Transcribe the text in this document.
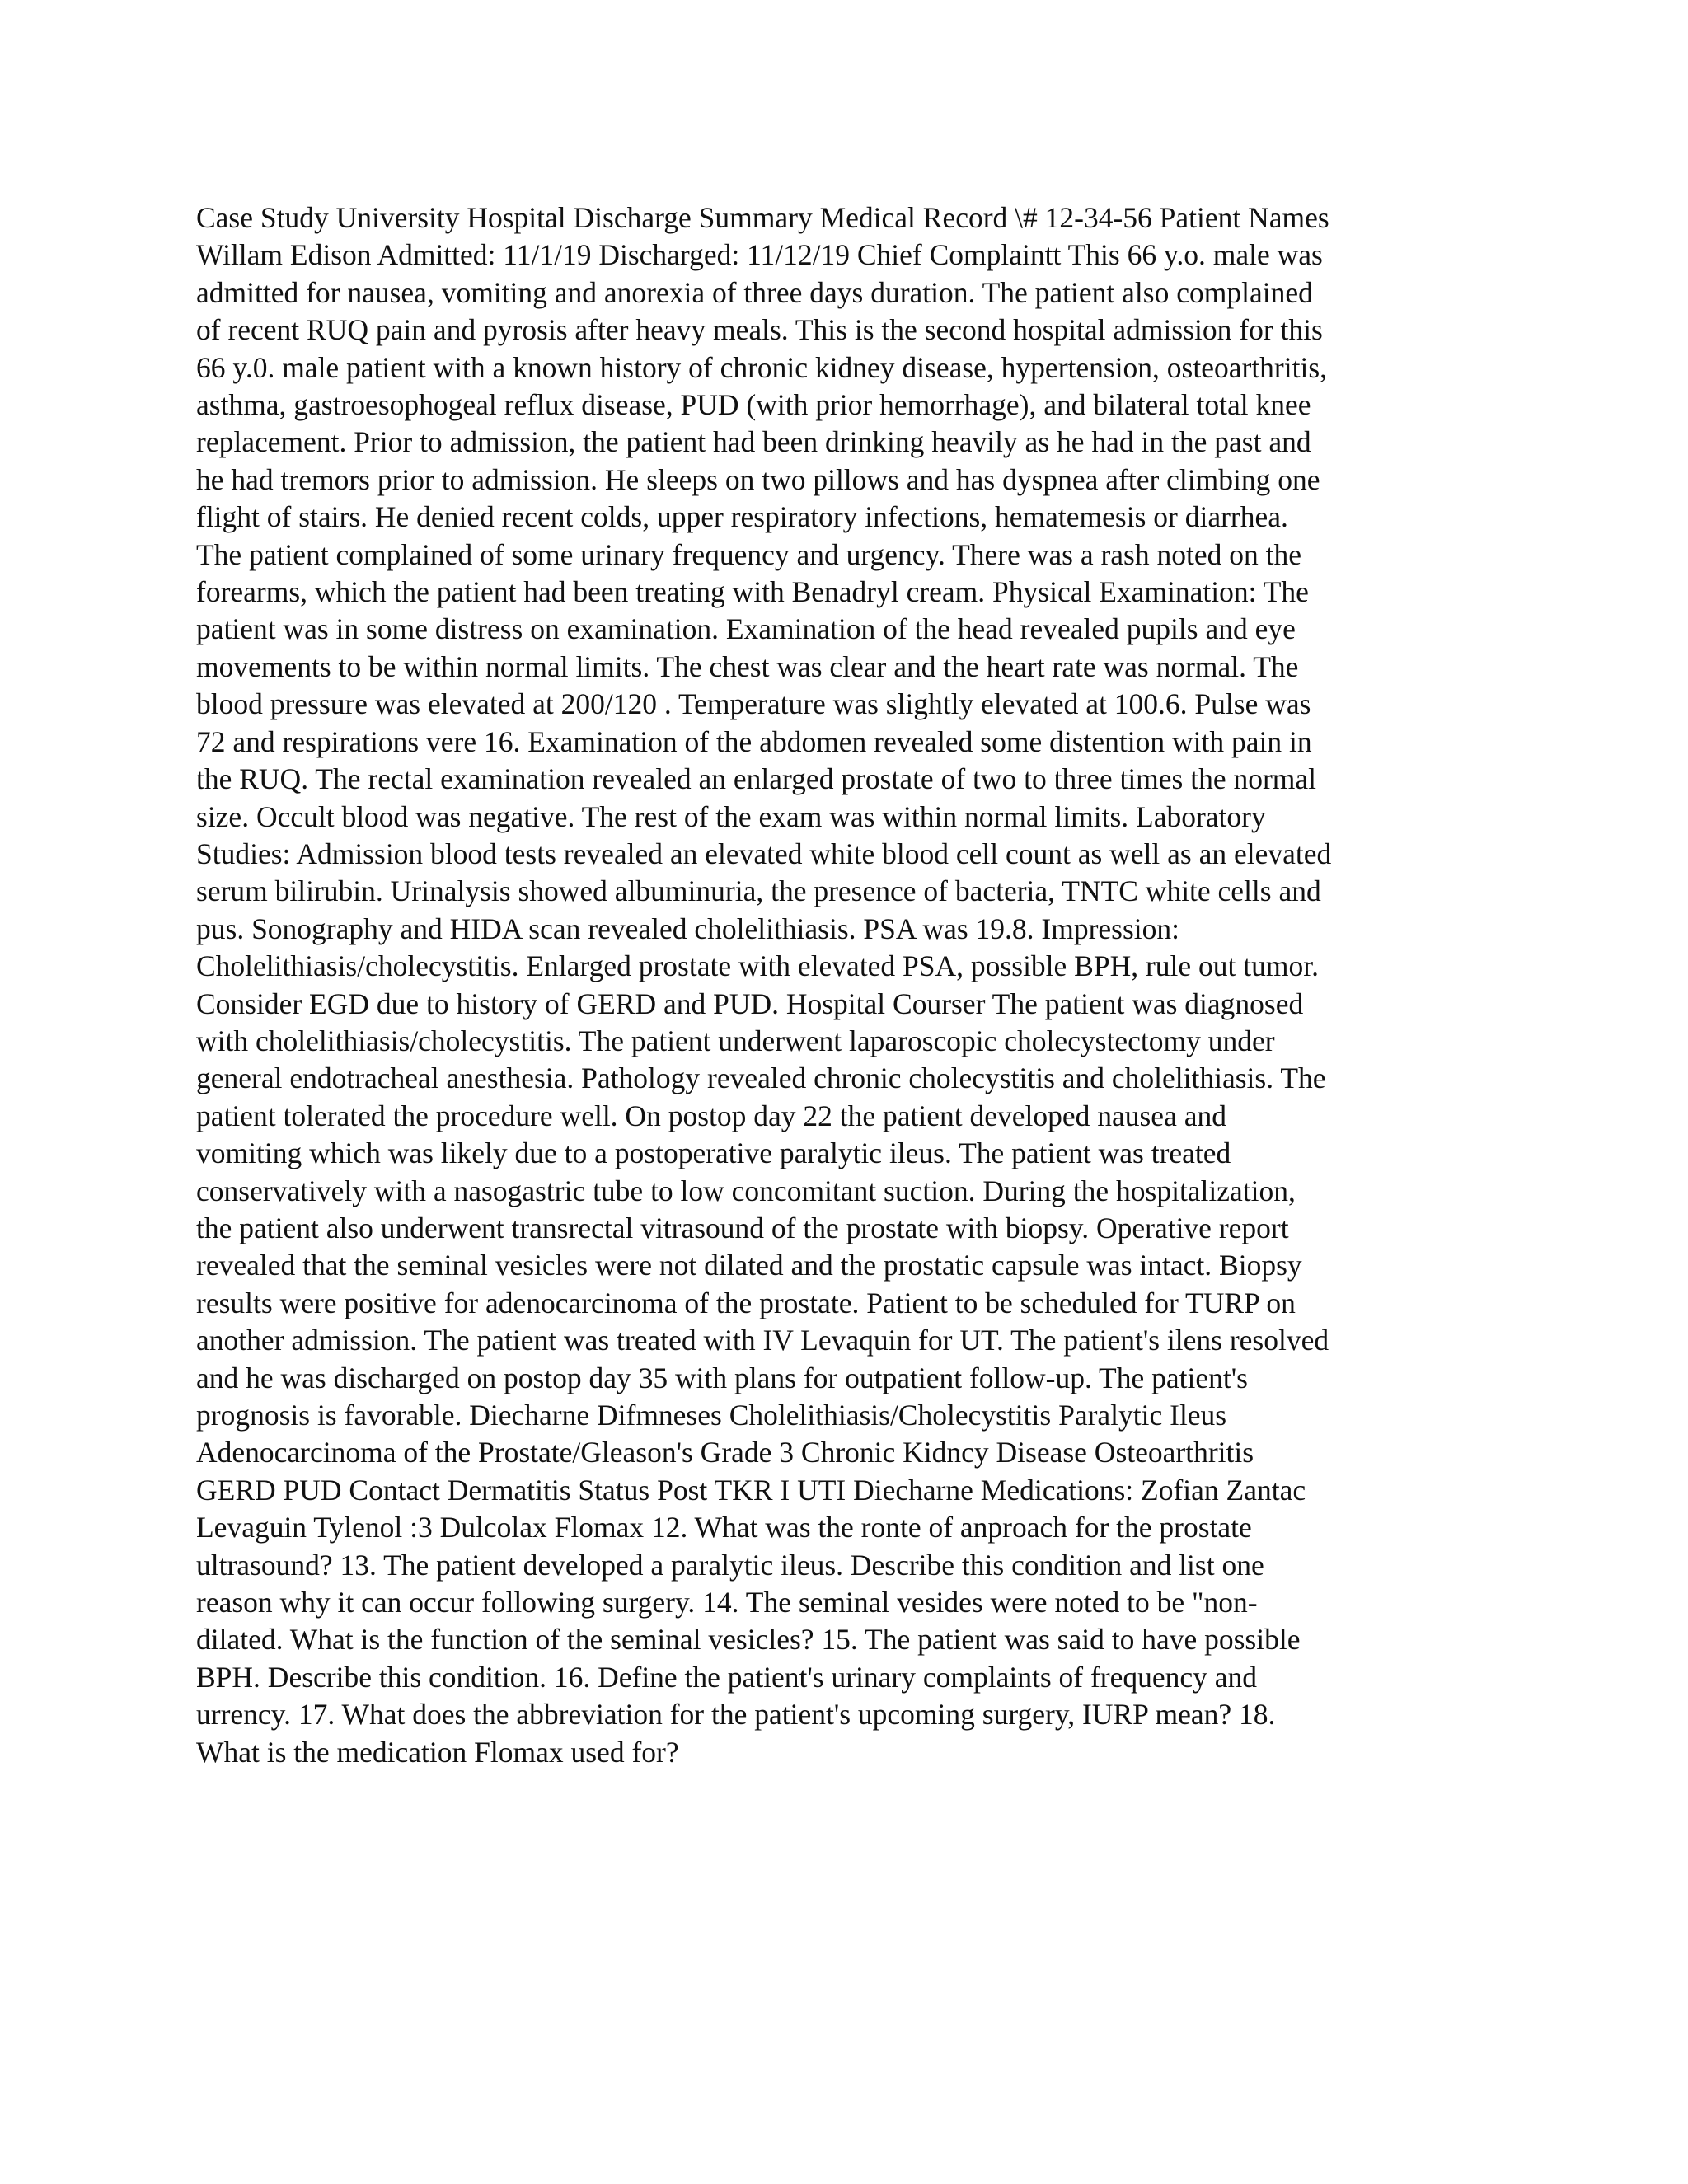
Case Study University Hospital Discharge Summary Medical Record \# 12-34-56 Patient Names
Willam Edison Admitted: 11/1/19 Discharged: 11/12/19 Chief Complaintt This 66 y.o. male was
admitted for nausea, vomiting and anorexia of three days duration. The patient also complained
of recent RUQ pain and pyrosis after heavy meals. This is the second hospital admission for this
66 y.0. male patient with a known history of chronic kidney disease, hypertension, osteoarthritis,
asthma, gastroesophogeal reflux disease, PUD (with prior hemorrhage), and bilateral total knee
replacement. Prior to admission, the patient had been drinking heavily as he had in the past and
he had tremors prior to admission. He sleeps on two pillows and has dyspnea after climbing one
flight of stairs. He denied recent colds, upper respiratory infections, hematemesis or diarrhea.
The patient complained of some urinary frequency and urgency. There was a rash noted on the
forearms, which the patient had been treating with Benadryl cream. Physical Examination: The
patient was in some distress on examination. Examination of the head revealed pupils and eye
movements to be within normal limits. The chest was clear and the heart rate was normal. The
blood pressure was elevated at 200/120 . Temperature was slightly elevated at 100.6. Pulse was
72 and respirations vere 16. Examination of the abdomen revealed some distention with pain in
the RUQ. The rectal examination revealed an enlarged prostate of two to three times the normal
size. Occult blood was negative. The rest of the exam was within normal limits. Laboratory
Studies: Admission blood tests revealed an elevated white blood cell count as well as an elevated
serum bilirubin. Urinalysis showed albuminuria, the presence of bacteria, TNTC white cells and
pus. Sonography and HIDA scan revealed cholelithiasis. PSA was 19.8. Impression:
Cholelithiasis/cholecystitis. Enlarged prostate with elevated PSA, possible BPH, rule out tumor.
Consider EGD due to history of GERD and PUD. Hospital Courser The patient was diagnosed
with cholelithiasis/cholecystitis. The patient underwent laparoscopic cholecystectomy under
general endotracheal anesthesia. Pathology revealed chronic cholecystitis and cholelithiasis. The
patient tolerated the procedure well. On postop day 22 the patient developed nausea and
vomiting which was likely due to a postoperative paralytic ileus. The patient was treated
conservatively with a nasogastric tube to low concomitant suction. During the hospitalization,
the patient also underwent transrectal vitrasound of the prostate with biopsy. Operative report
revealed that the seminal vesicles were not dilated and the prostatic capsule was intact. Biopsy
results were positive for adenocarcinoma of the prostate. Patient to be scheduled for TURP on
another admission. The patient was treated with IV Levaquin for UT. The patient's ilens resolved
and he was discharged on postop day 35 with plans for outpatient follow-up. The patient's
prognosis is favorable. Diecharne Difmneses Cholelithiasis/Cholecystitis Paralytic Ileus
Adenocarcinoma of the Prostate/Gleason's Grade 3 Chronic Kidncy Disease Osteoarthritis
GERD PUD Contact Dermatitis Status Post TKR I UTI Diecharne Medications: Zofian Zantac
Levaguin Tylenol :3 Dulcolax Flomax 12. What was the ronte of anproach for the prostate
ultrasound? 13. The patient developed a paralytic ileus. Describe this condition and list one
reason why it can occur following surgery. 14. The seminal vesides were noted to be "non-
dilated. What is the function of the seminal vesicles? 15. The patient was said to have possible
BPH. Describe this condition. 16. Define the patient's urinary complaints of frequency and
urrency. 17. What does the abbreviation for the patient's upcoming surgery, IURP mean? 18.
What is the medication Flomax used for?
